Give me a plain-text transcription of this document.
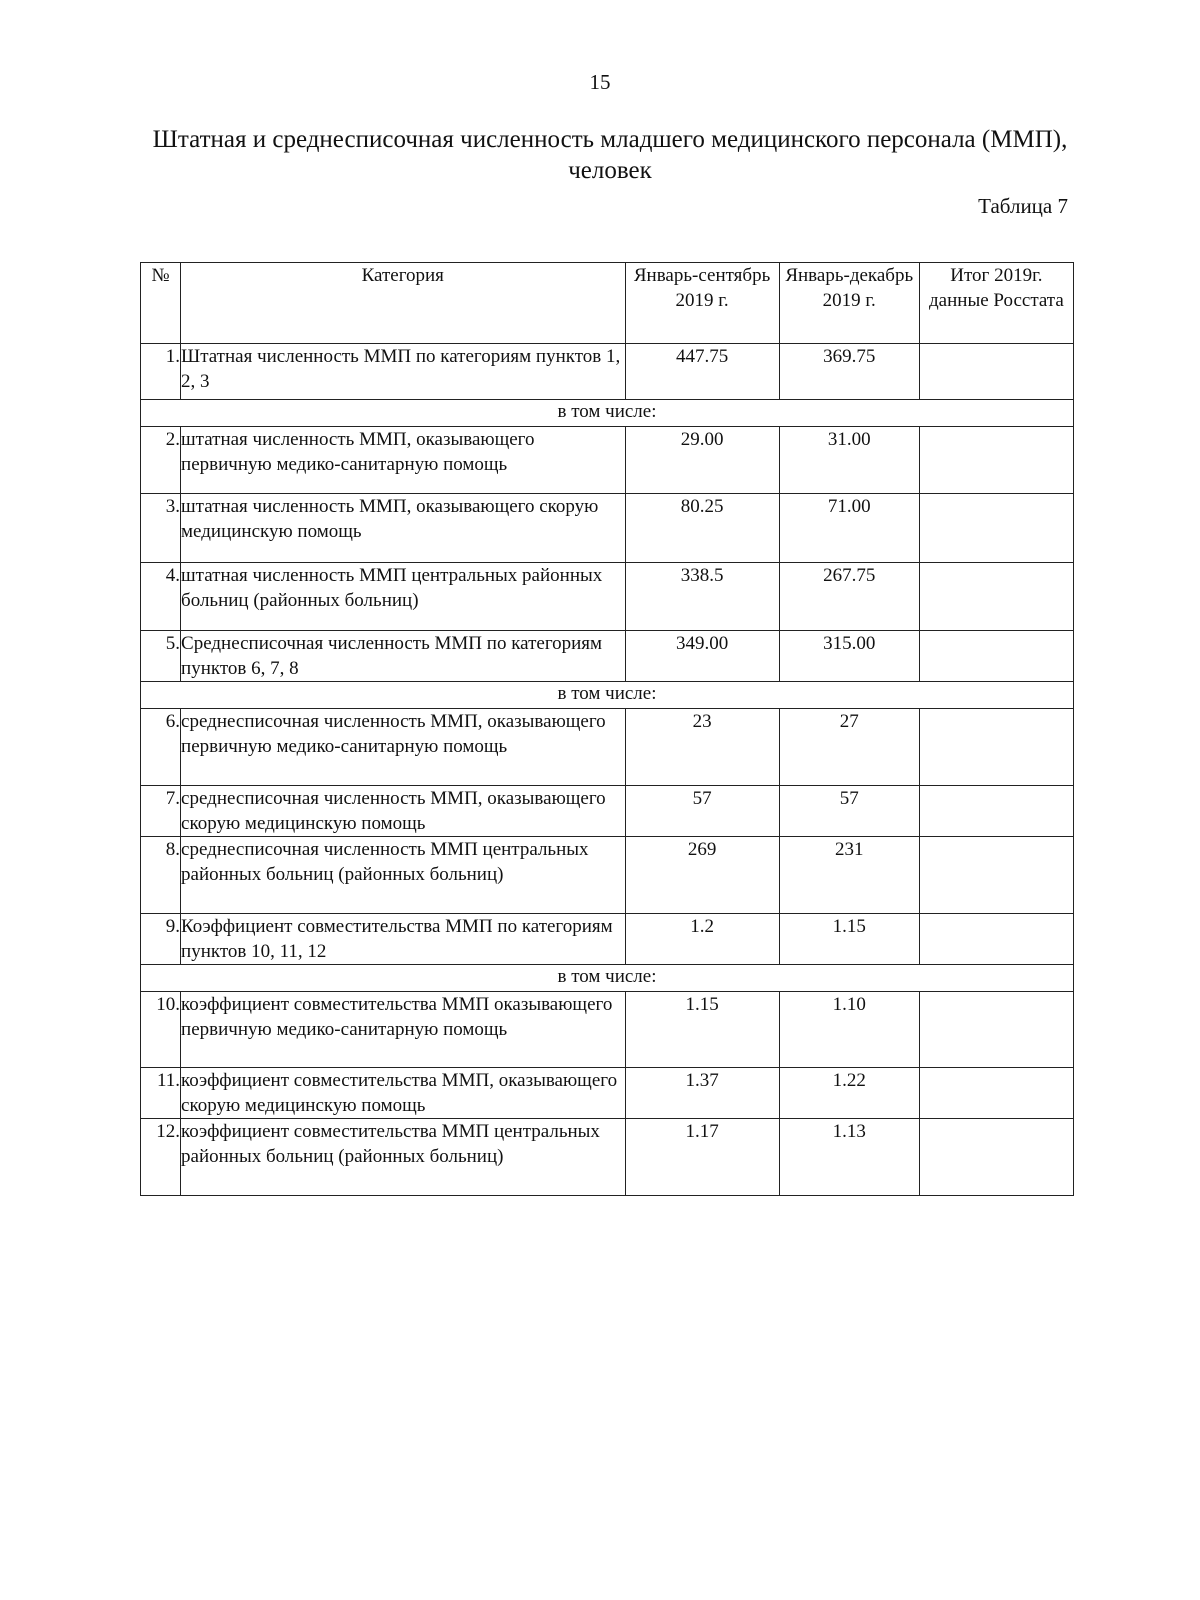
15
Штатная и среднесписочная численность младшего медицинского персонала (ММП), человек
Таблица 7
№	Категория	Январь-сентябрь 2019 г.	Январь-декабрь 2019 г.	Итог 2019г. данные Росстата
1.	Штатная численность ММП по категориям пунктов 1, 2, 3	447.75	369.75	
в том числе:				
2.	штатная численность ММП, оказывающего первичную медико-санитарную помощь	29.00	31.00	
3.	штатная численность ММП, оказывающего скорую медицинскую помощь	80.25	71.00	
4.	штатная численность ММП центральных районных больниц (районных больниц)	338.5	267.75	
5.	Среднесписочная численность ММП по категориям пунктов 6, 7, 8	349.00	315.00	
в том числе:				
6.	среднесписочная численность ММП, оказывающего первичную медико-санитарную помощь	23	27	
7.	среднесписочная численность ММП, оказывающего скорую медицинскую помощь	57	57	
8.	среднесписочная численность ММП центральных районных больниц (районных больниц)	269	231	
9.	Коэффициент совместительства ММП по категориям пунктов 10, 11, 12	1.2	1.15	
в том числе:				
10.	коэффициент совместительства ММП оказывающего первичную медико-санитарную помощь	1.15	1.10	
11.	коэффициент совместительства ММП, оказывающего скорую медицинскую помощь	1.37	1.22	
12.	коэффициент совместительства ММП центральных районных больниц (районных больниц)	1.17	1.13	
